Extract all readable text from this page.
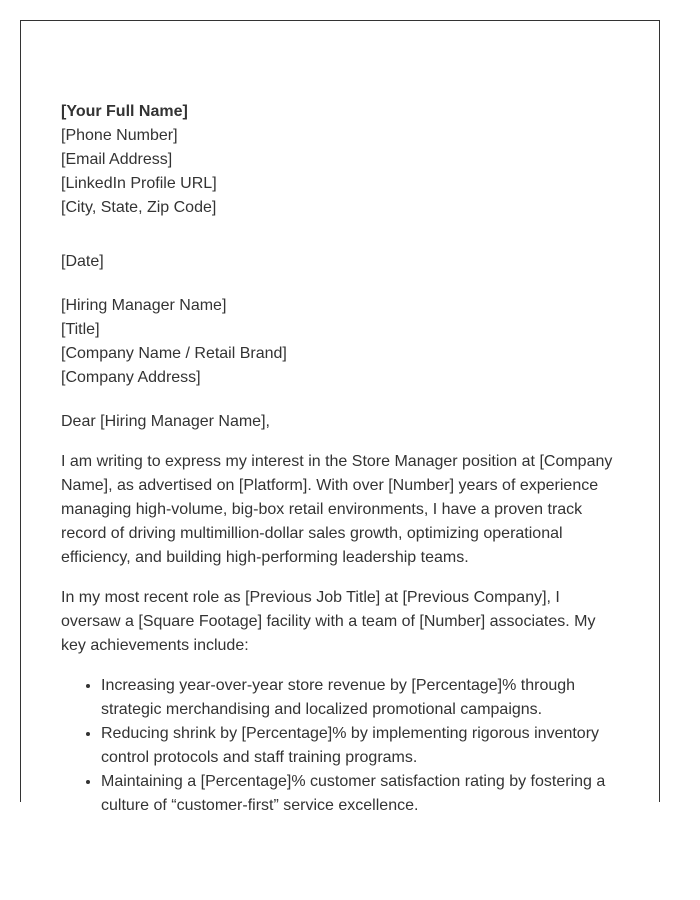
[Your Full Name]
[Phone Number]
[Email Address]
[LinkedIn Profile URL]
[City, State, Zip Code]
[Date]
[Hiring Manager Name]
[Title]
[Company Name / Retail Brand]
[Company Address]

Dear [Hiring Manager Name],

I am writing to express my interest in the Store Manager position at [Company Name], as advertised on [Platform]. With over [Number] years of experience managing high-volume, big-box retail environments, I have a proven track record of driving multimillion-dollar sales growth, optimizing operational efficiency, and building high-performing leadership teams.

In my most recent role as [Previous Job Title] at [Previous Company], I oversaw a [Square Footage] facility with a team of [Number] associates. My key achievements include:

• Increasing year-over-year store revenue by [Percentage]% through strategic merchandising and localized promotional campaigns.
• Reducing shrink by [Percentage]% by implementing rigorous inventory control protocols and staff training programs.
• Maintaining a [Percentage]% customer satisfaction rating by fostering a culture of “customer-first” service excellence.
